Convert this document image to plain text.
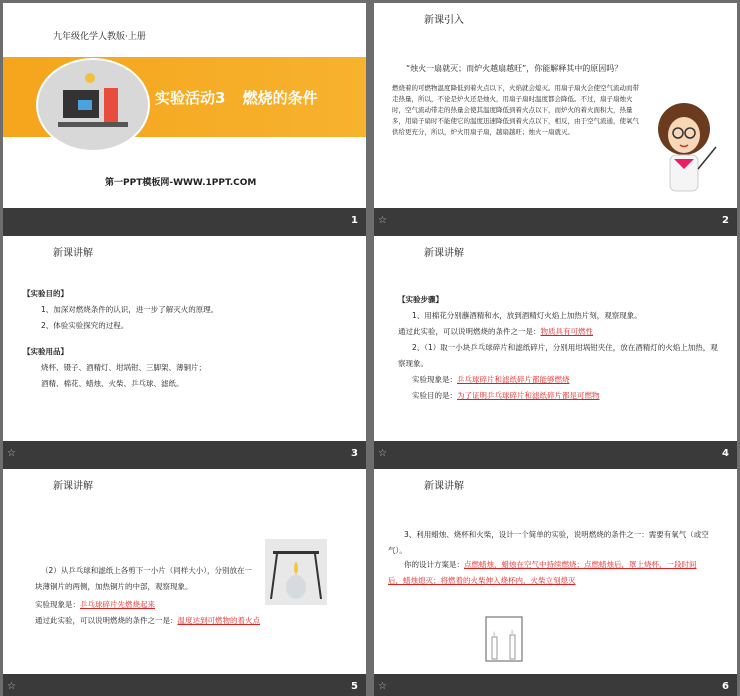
九年级化学人教版·上册
实验活动3 燃烧的条件
第一PPT模板网-WWW.1PPT.COM
1
新课引入
“烛火一扇就灭；而炉火越扇越旺”，你能解释其中的原因吗？
燃烧着的可燃物温度降低到着火点以下，火焰就会熄灭。用扇子扇火会使空气流动而带走热量，所以，不论是炉火还是烛火，用扇子扇时温度都会降低。不过，扇子扇烛火时，空气流动带走的热量会使其温度降低到着火点以下，而炉火的着火面积大，热量多，用扇子扇时不能使它的温度迅速降低到着火点以下，相反，由于空气流通，使氧气供给更充分，所以，炉火用扇子扇，越扇越旺；烛火一扇就灭。
☆	2
新课讲解
【实验目的】
1、加深对燃烧条件的认识，进一步了解灭火的原理。
2、体验实验探究的过程。
【实验用品】
烧杯、镊子、酒精灯、坩埚钳、三脚架、薄铜片；
酒精、棉花、蜡烛、火柴、乒乓球、滤纸。
☆	3
新课讲解
【实验步骤】
1、用棉花分别蘸酒精和水，放到酒精灯火焰上加热片刻，观察现象。
通过此实验，可以说明燃烧的条件之一是：物质具有可燃性
2、（1）取一小块乒乓球碎片和滤纸碎片，分别用坩埚钳夹住，放在酒精灯的火焰上加热，观察现象。
实验现象是：乒乓球碎片和滤纸碎片都能够燃烧
实验目的是：为了证明乒乓球碎片和滤纸碎片都是可燃物
☆	4
新课讲解
（2）从乒乓球和滤纸上各剪下一小片（同样大小），分别放在一块薄铜片的两侧，加热铜片的中部，观察现象。
实验现象是：乒乓球碎片先燃烧起来
通过此实验，可以说明燃烧的条件之一是：温度达到可燃物的着火点
☆	5
新课讲解
3、利用蜡烛、烧杯和火柴，设计一个简单的实验，说明燃烧的条件之一：需要有氧气（或空气）。
你的设计方案是：点燃蜡烛，蜡烛在空气中持续燃烧；点燃蜡烛后，罩上烧杯，一段时间后，蜡烛熄灭；将燃着的火柴伸入烧杯内，火柴立刻熄灭
☆	6
